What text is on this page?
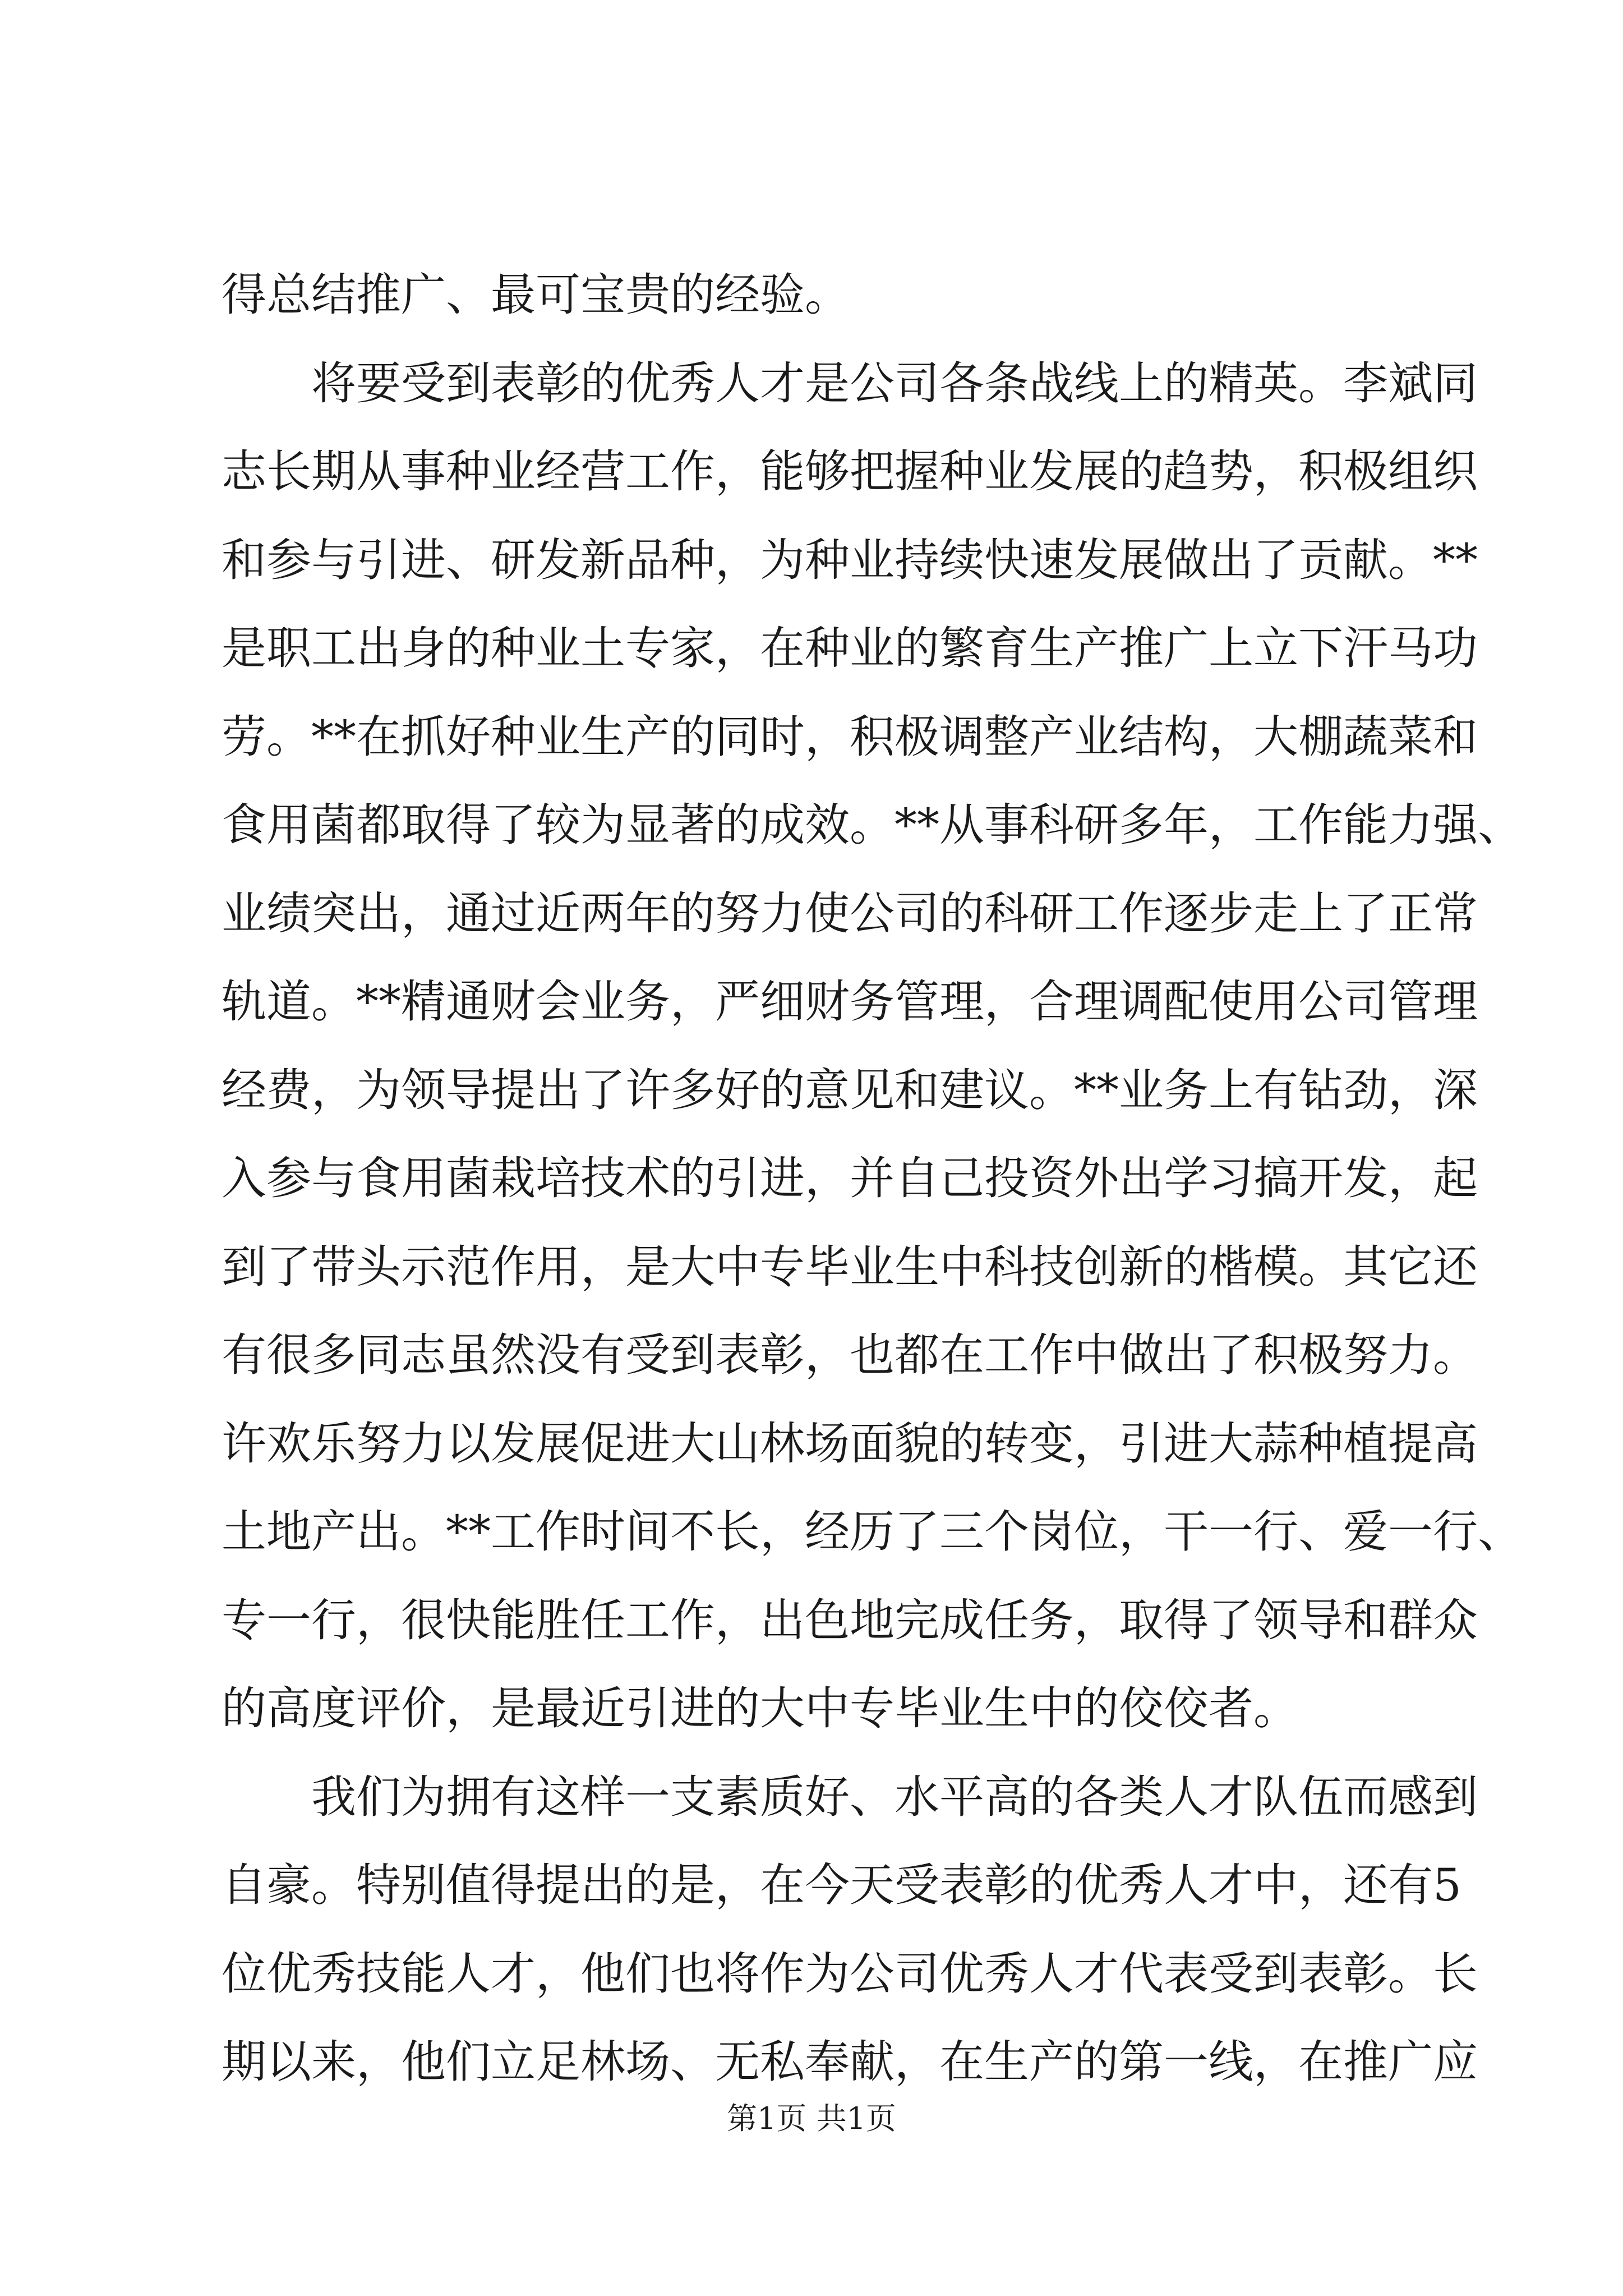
得总结推广、最可宝贵的经验。
将要受到表彰的优秀人才是公司各条战线上的精英。李斌同
志长期从事种业经营工作，能够把握种业发展的趋势，积极组织
和参与引进、研发新品种，为种业持续快速发展做出了贡献。**
是职工出身的种业土专家，在种业的繁育生产推广上立下汗马功
劳。**在抓好种业生产的同时，积极调整产业结构，大棚蔬菜和
食用菌都取得了较为显著的成效。**从事科研多年，工作能力强、
业绩突出，通过近两年的努力使公司的科研工作逐步走上了正常
轨道。**精通财会业务，严细财务管理，合理调配使用公司管理
经费，为领导提出了许多好的意见和建议。**业务上有钻劲，深
入参与食用菌栽培技术的引进，并自己投资外出学习搞开发，起
到了带头示范作用，是大中专毕业生中科技创新的楷模。其它还
有很多同志虽然没有受到表彰，也都在工作中做出了积极努力。
许欢乐努力以发展促进大山林场面貌的转变，引进大蒜种植提高
土地产出。**工作时间不长，经历了三个岗位，干一行、爱一行、
专一行，很快能胜任工作，出色地完成任务，取得了领导和群众
的高度评价，是最近引进的大中专毕业生中的佼佼者。
我们为拥有这样一支素质好、水平高的各类人才队伍而感到
自豪。特别值得提出的是，在今天受表彰的优秀人才中，还有5
位优秀技能人才，他们也将作为公司优秀人才代表受到表彰。长
期以来，他们立足林场、无私奉献，在生产的第一线，在推广应
第1页 共1页
